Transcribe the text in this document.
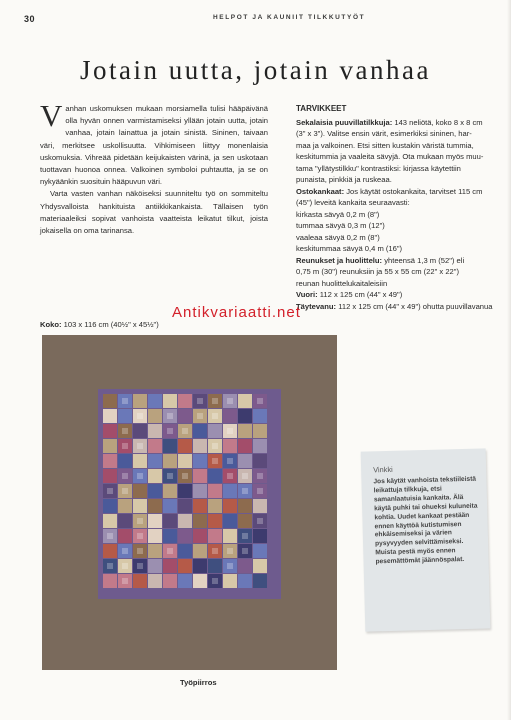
30	HELPOT JA KAUNIIT TILKKUTYÖT
Jotain uutta, jotain vanhaa

Vanhan uskomuksen mukaan morsiamella tulisi hääpäivänä olla hyvän onnen varmistamiseksi yllään jotain uutta, jotain vanhaa, jotain lainattua ja jotain sinistä. Sininen, taivaan väri, merkitsee uskollisuutta. Vihkimiseen liittyy monenlaisia uskomuksia. Vihreää pidetään keijukaisten värinä, ja sen uskotaan tuottavan huonoa onnea. Valkoinen symboloi puhtautta, ja se on nykyäänkin suosituin hääpuvun väri.

Varta vasten vanhan näköiseksi suunniteltu työ on sommiteltu Yhdysvalloista hankituista antiikkikankaista. Tällaisen työn materiaaleiksi sopivat vanhoista vaatteista leikatut tilkut, joista jokaisella on oma tarinansa.

TARVIKKEET
Sekalaisia puuvillatilkkuja: 143 neliötä, koko 8 x 8 cm
(3" x 3"). Valitse ensin värit, esimerkiksi sininen, har-
maa ja valkoinen. Etsi sitten kustakin väristä tummia,
keskitummia ja vaaleita sävyjä. Ota mukaan myös muu-
tama "yllätystilkku" kontrastiksi: kirjassa käytettiin
punaista, pinkkiä ja ruskeaa.
Ostokankaat: Jos käytät ostokankaita, tarvitset 115 cm
(45") leveitä kankaita seuraavasti:
kirkasta sävyä 0,2 m (8")
tummaa sävyä 0,3 m (12")
vaaleaa sävyä 0,2 m (8")
keskitummaa sävyä 0,4 m (16")
Reunukset ja huolittelu: yhteensä 1,3 m (52") eli
0,75 m (30") reunuksiin ja 55 x 55 cm (22" x 22")
reunan huolittelukaitaleisiin
Vuori: 112 x 125 cm (44" x 49")
Täytevanu: 112 x 125 cm (44" x 49") ohutta puuvillavanua
Koko: 103 x 116 cm (40½" x 45½")
Antikvariaatti.net
Työpiirros
Vinkki
Jos käytät vanhoista tekstiileistä leikattuja tilkkuja, etsi samanlaatuisia kankaita. Älä käytä puhki tai ohueksi kuluneita kohtia. Uudet kankaat pestään ennen käyttöä kutistumisen ehkäisemiseksi ja värien pysyvyyden selvittämiseksi. Muista pestä myös ennen pesemättömät jäännöspalat.
